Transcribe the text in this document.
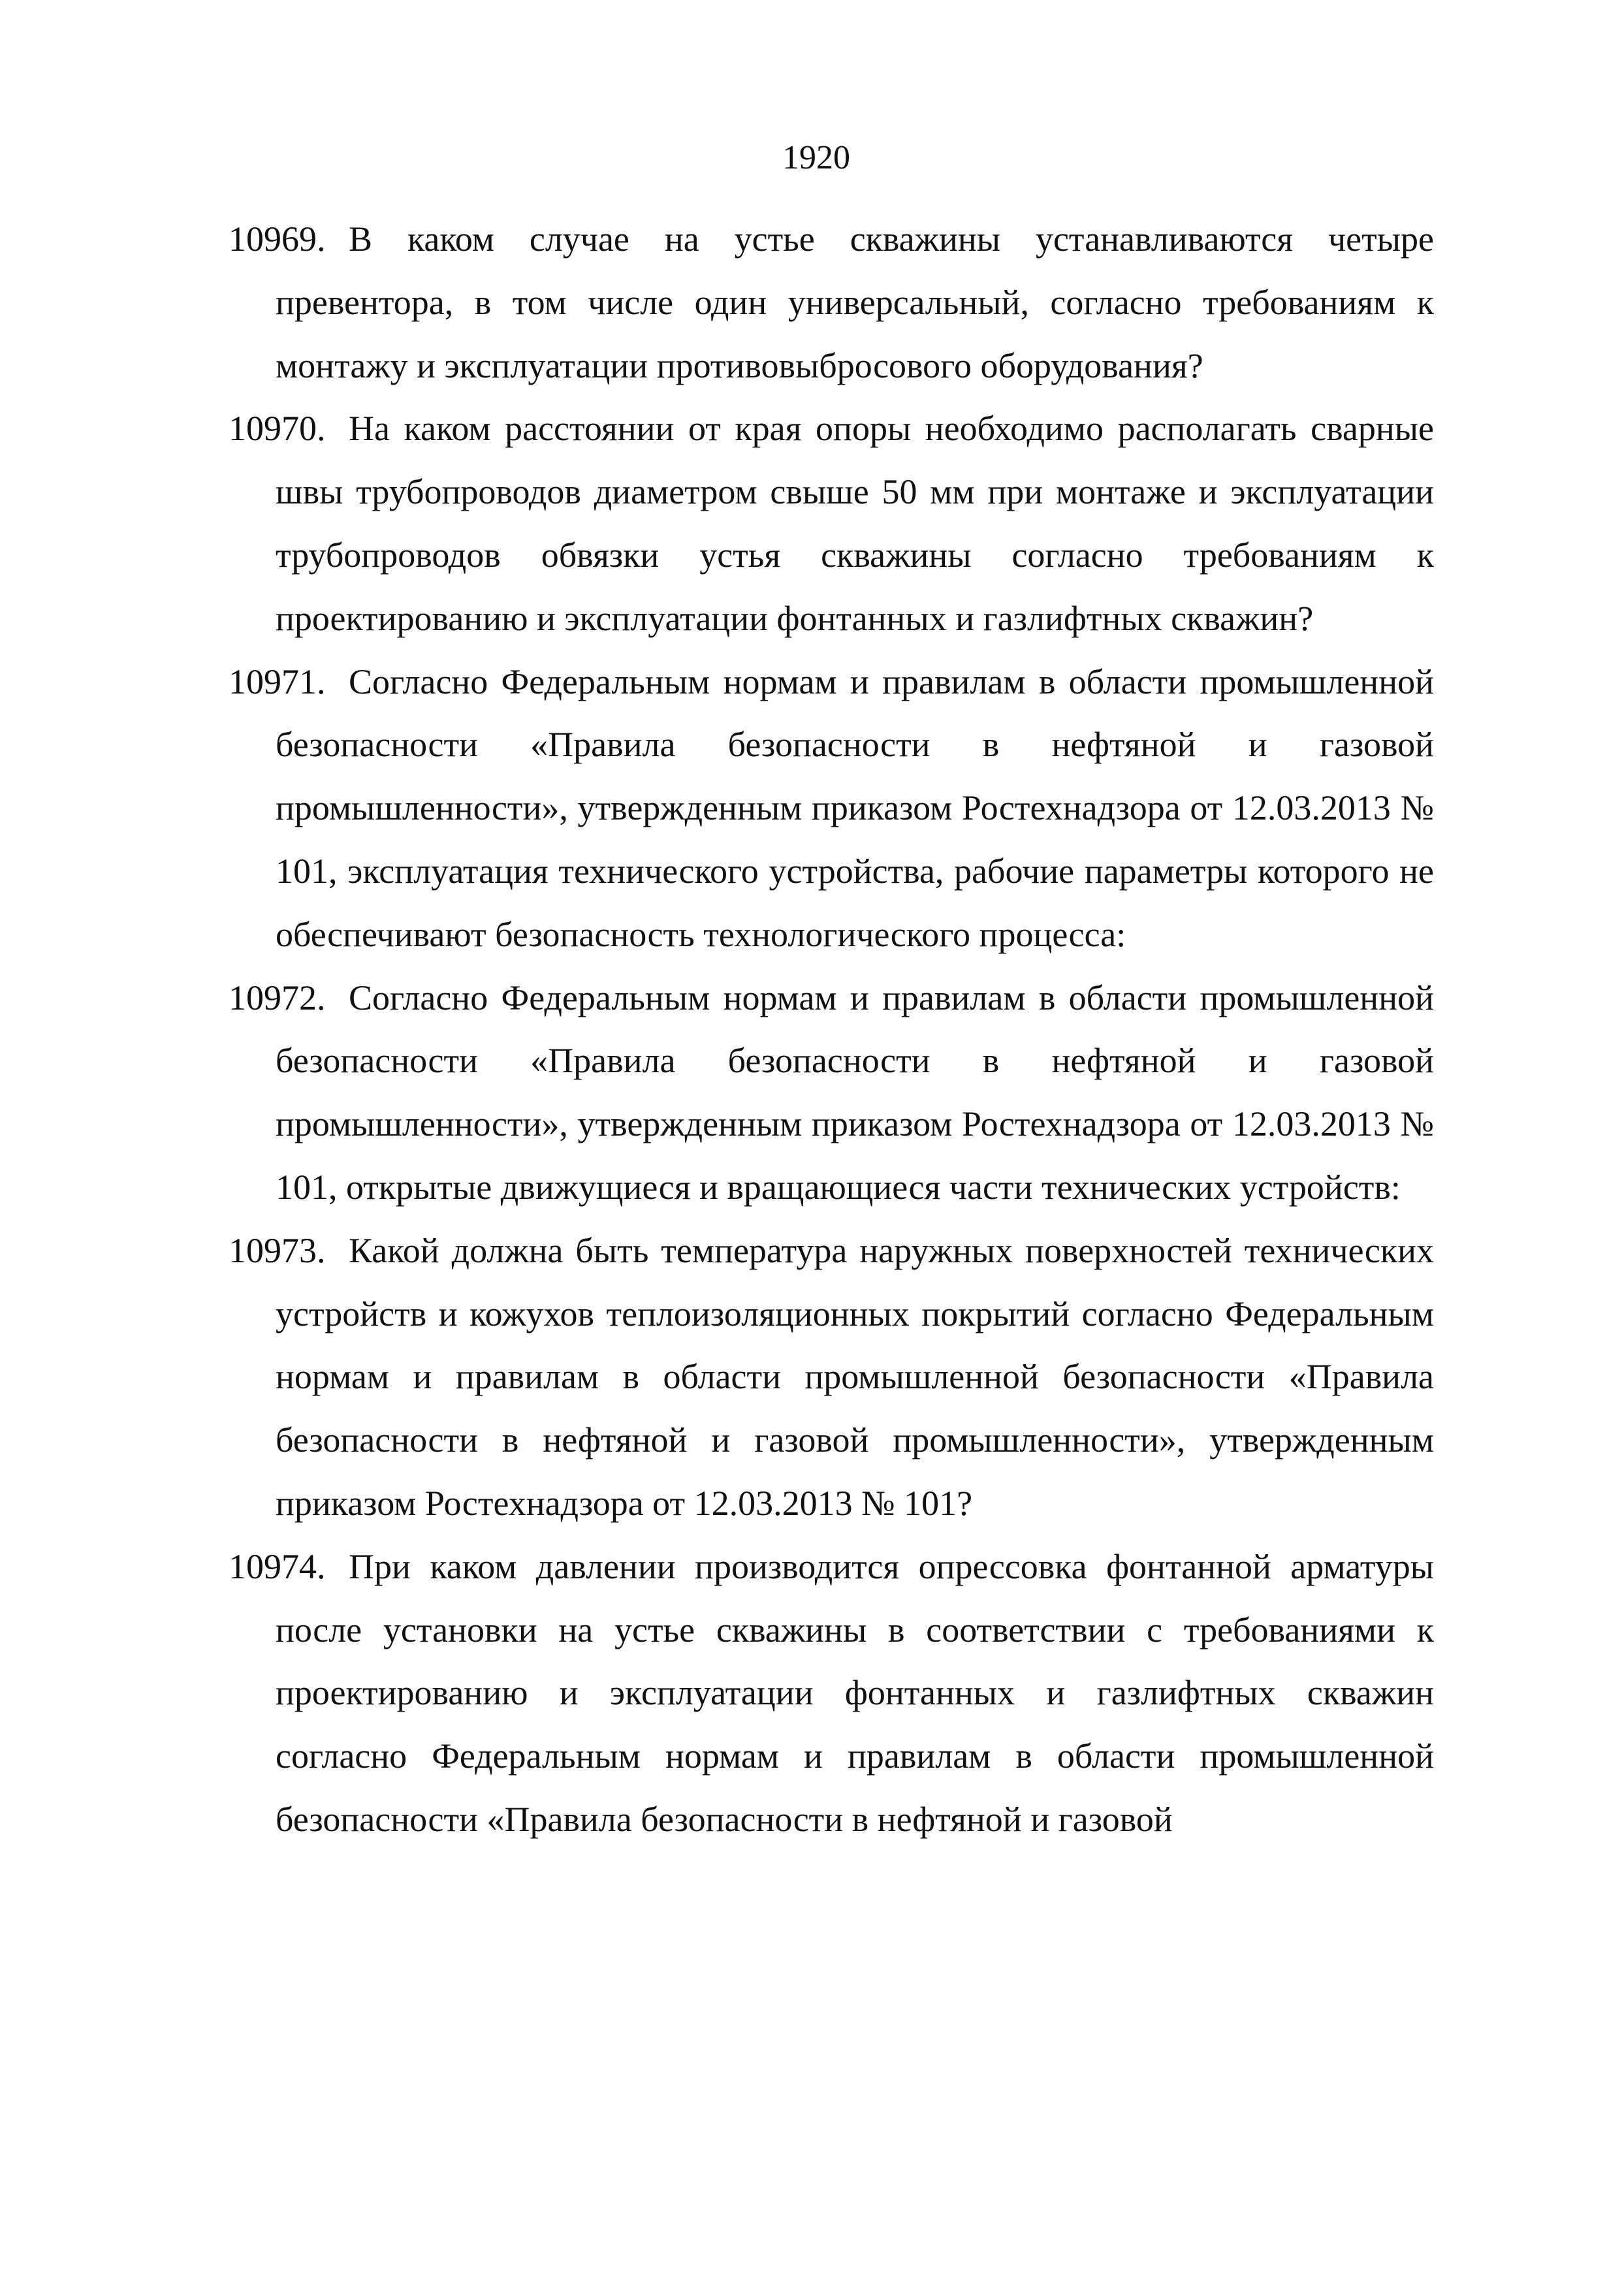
1920
10969. В каком случае на устье скважины устанавливаются четыре превентора, в том числе один универсальный, согласно требованиям к монтажу и эксплуатации противовыбросового оборудования?
10970. На каком расстоянии от края опоры необходимо располагать сварные швы трубопроводов диаметром свыше 50 мм при монтаже и эксплуатации трубопроводов обвязки устья скважины согласно требованиям к проектированию и эксплуатации фонтанных и газлифтных скважин?
10971. Согласно Федеральным нормам и правилам в области промышленной безопасности «Правила безопасности в нефтяной и газовой промышленности», утвержденным приказом Ростехнадзора от 12.03.2013 № 101, эксплуатация технического устройства, рабочие параметры которого не обеспечивают безопасность технологического процесса:
10972. Согласно Федеральным нормам и правилам в области промышленной безопасности «Правила безопасности в нефтяной и газовой промышленности», утвержденным приказом Ростехнадзора от 12.03.2013 № 101, открытые движущиеся и вращающиеся части технических устройств:
10973. Какой должна быть температура наружных поверхностей технических устройств и кожухов теплоизоляционных покрытий согласно Федеральным нормам и правилам в области промышленной безопасности «Правила безопасности в нефтяной и газовой промышленности», утвержденным приказом Ростехнадзора от 12.03.2013 № 101?
10974. При каком давлении производится опрессовка фонтанной арматуры после установки на устье скважины в соответствии с требованиями к проектированию и эксплуатации фонтанных и газлифтных скважин согласно Федеральным нормам и правилам в области промышленной безопасности «Правила безопасности в нефтяной и газовой
